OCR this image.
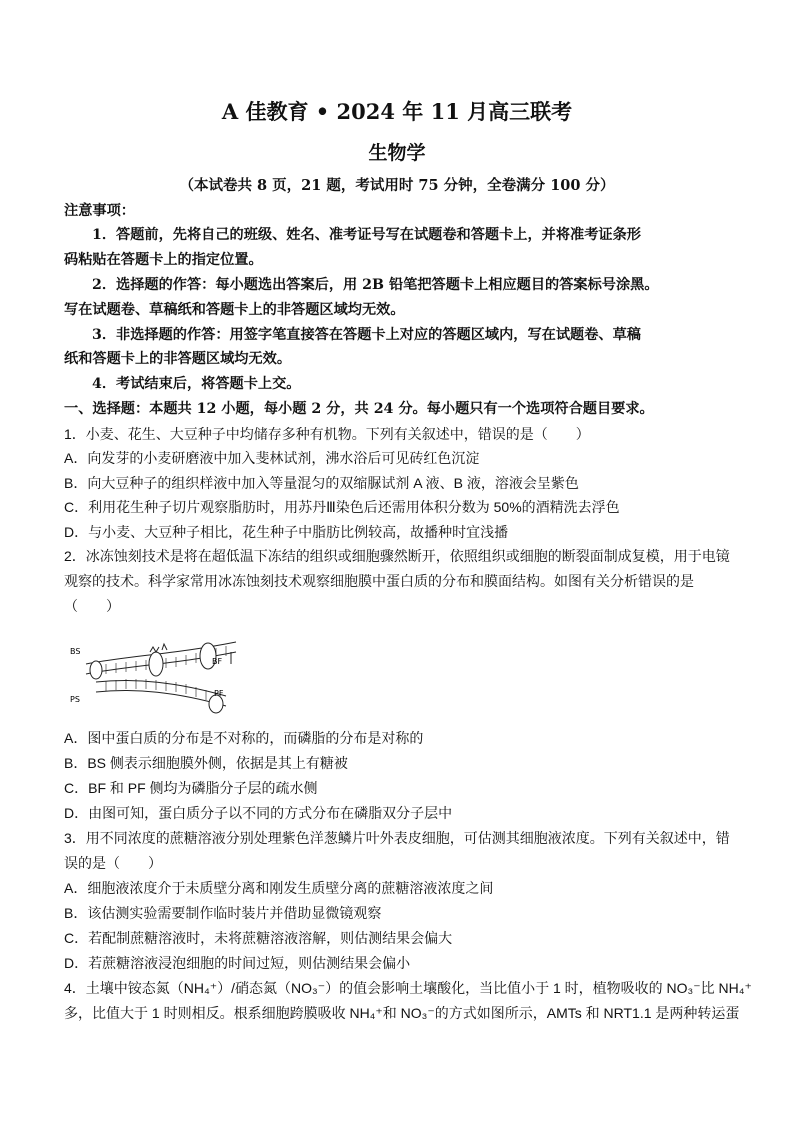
A 佳教育 • 2024 年 11 月高三联考
生物学
（本试卷共 8 页，21 题，考试用时 75 分钟，全卷满分 100 分）
注意事项：
1．答题前，先将自己的班级、姓名、准考证号写在试题卷和答题卡上，并将准考证条形
码粘贴在答题卡上的指定位置。
2．选择题的作答：每小题选出答案后，用 2B 铅笔把答题卡上相应题目的答案标号涂黑。
写在试题卷、草稿纸和答题卡上的非答题区域均无效。
3．非选择题的作答：用签字笔直接答在答题卡上对应的答题区域内，写在试题卷、草稿
纸和答题卡上的非答题区域均无效。
4．考试结束后，将答题卡上交。
一、选择题：本题共 12 小题，每小题 2 分，共 24 分。每小题只有一个选项符合题目要求。
1．小麦、花生、大豆种子中均储存多种有机物。下列有关叙述中，错误的是（　　）
A．向发芽的小麦研磨液中加入斐林试剂，沸水浴后可见砖红色沉淀
B．向大豆种子的组织样液中加入等量混匀的双缩脲试剂 A 液、B 液，溶液会呈紫色
C．利用花生种子切片观察脂肪时，用苏丹Ⅲ染色后还需用体积分数为 50%的酒精洗去浮色
D．与小麦、大豆种子相比，花生种子中脂肪比例较高，故播种时宜浅播
2．冰冻蚀刻技术是将在超低温下冻结的组织或细胞骤然断开，依照组织或细胞的断裂面制成复模，用于电镜
观察的技术。科学家常用冰冻蚀刻技术观察细胞膜中蛋白质的分布和膜面结构。如图有关分析错误的是
（　　）
BS
PS
BF
PF
A．图中蛋白质的分布是不对称的，而磷脂的分布是对称的
B．BS 侧表示细胞膜外侧，依据是其上有糖被
C．BF 和 PF 侧均为磷脂分子层的疏水侧
D．由图可知，蛋白质分子以不同的方式分布在磷脂双分子层中
3．用不同浓度的蔗糖溶液分别处理紫色洋葱鳞片叶外表皮细胞，可估测其细胞液浓度。下列有关叙述中，错
误的是（　　）
A．细胞液浓度介于未质壁分离和刚发生质壁分离的蔗糖溶液浓度之间
B．该估测实验需要制作临时装片并借助显微镜观察
C．若配制蔗糖溶液时，未将蔗糖溶液溶解，则估测结果会偏大
D．若蔗糖溶液浸泡细胞的时间过短，则估测结果会偏小
4．土壤中铵态氮（NH₄⁺）/硝态氮（NO₃⁻）的值会影响土壤酸化，当比值小于 1 时，植物吸收的 NO₃⁻比 NH₄⁺
多，比值大于 1 时则相反。根系细胞跨膜吸收 NH₄⁺和 NO₃⁻的方式如图所示，AMTs 和 NRT1.1 是两种转运蛋
